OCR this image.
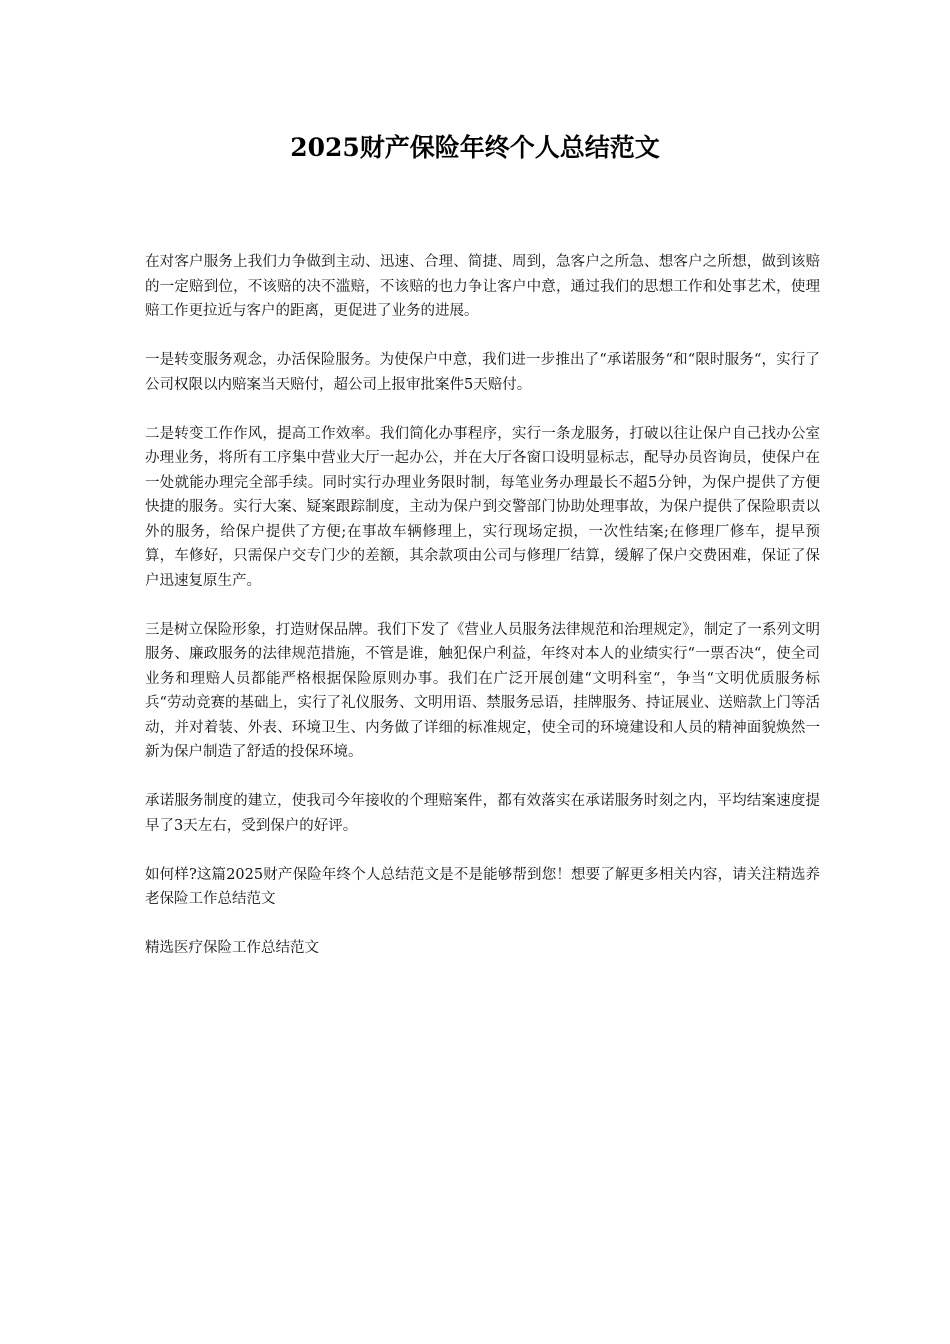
2025财产保险年终个人总结范文

在对客户服务上我们力争做到主动、迅速、合理、简捷、周到，急客户之所急、想客户之所想，做到该赔的一定赔到位，不该赔的决不滥赔，不该赔的也力争让客户中意，通过我们的思想工作和处事艺术，使理赔工作更拉近与客户的距离，更促进了业务的进展。

一是转变服务观念，办活保险服务。为使保户中意，我们进一步推出了“承诺服务“和“限时服务“，实行了公司权限以内赔案当天赔付，超公司上报审批案件5天赔付。

二是转变工作作风，提高工作效率。我们简化办事程序，实行一条龙服务，打破以往让保户自己找办公室办理业务，将所有工序集中营业大厅一起办公，并在大厅各窗口设明显标志，配导办员咨询员，使保户在一处就能办理完全部手续。同时实行办理业务限时制，每笔业务办理最长不超5分钟，为保户提供了方便快捷的服务。实行大案、疑案跟踪制度，主动为保户到交警部门协助处理事故，为保户提供了保险职责以外的服务，给保户提供了方便;在事故车辆修理上，实行现场定损，一次性结案;在修理厂修车，提早预算，车修好，只需保户交专门少的差额，其余款项由公司与修理厂结算，缓解了保户交费困难，保证了保户迅速复原生产。

三是树立保险形象，打造财保品牌。我们下发了《营业人员服务法律规范和治理规定》，制定了一系列文明服务、廉政服务的法律规范措施，不管是谁，触犯保户利益，年终对本人的业绩实行“一票否决“，使全司业务和理赔人员都能严格根据保险原则办事。我们在广泛开展创建“文明科室“，争当“文明优质服务标兵“劳动竞赛的基础上，实行了礼仪服务、文明用语、禁服务忌语，挂牌服务、持证展业、送赔款上门等活动，并对着装、外表、环境卫生、内务做了详细的标准规定，使全司的环境建设和人员的精神面貌焕然一新为保户制造了舒适的投保环境。

承诺服务制度的建立，使我司今年接收的个理赔案件，都有效落实在承诺服务时刻之内，平均结案速度提早了3天左右，受到保户的好评。

如何样?这篇2025财产保险年终个人总结范文是不是能够帮到您！想要了解更多相关内容，请关注精选养老保险工作总结范文

精选医疗保险工作总结范文
